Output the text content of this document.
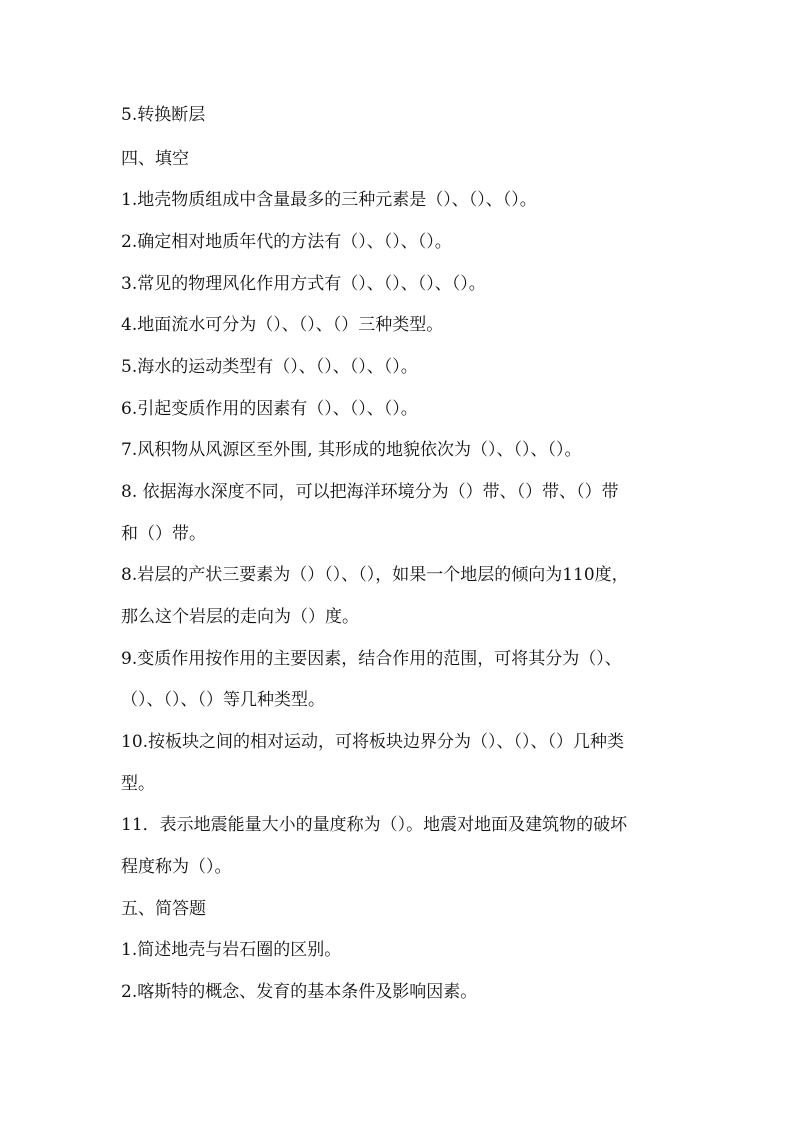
5.转换断层
四、填空
1.地壳物质组成中含量最多的三种元素是（）、（）、（）。
2.确定相对地质年代的方法有（）、（）、（）。
3.常见的物理风化作用方式有（）、（）、（）、（）。
4.地面流水可分为（）、（）、（）三种类型。
5.海水的运动类型有（）、（）、（）、（）。
6.引起变质作用的因素有（）、（）、（）。
7.风积物从风源区至外围, 其形成的地貌依次为（）、（）、（）。
8. 依据海水深度不同，可以把海洋环境分为（）带、（）带、（）带
和（）带。
8.岩层的产状三要素为（）（）、（），如果一个地层的倾向为110度，
那么这个岩层的走向为（）度。
9.变质作用按作用的主要因素，结合作用的范围，可将其分为（）、
（）、（）、（）等几种类型。
10.按板块之间的相对运动，可将板块边界分为（）、（）、（）几种类
型。
11．表示地震能量大小的量度称为（）。地震对地面及建筑物的破坏
程度称为（）。
五、简答题
1.简述地壳与岩石圈的区别。
2.喀斯特的概念、发育的基本条件及影响因素。
